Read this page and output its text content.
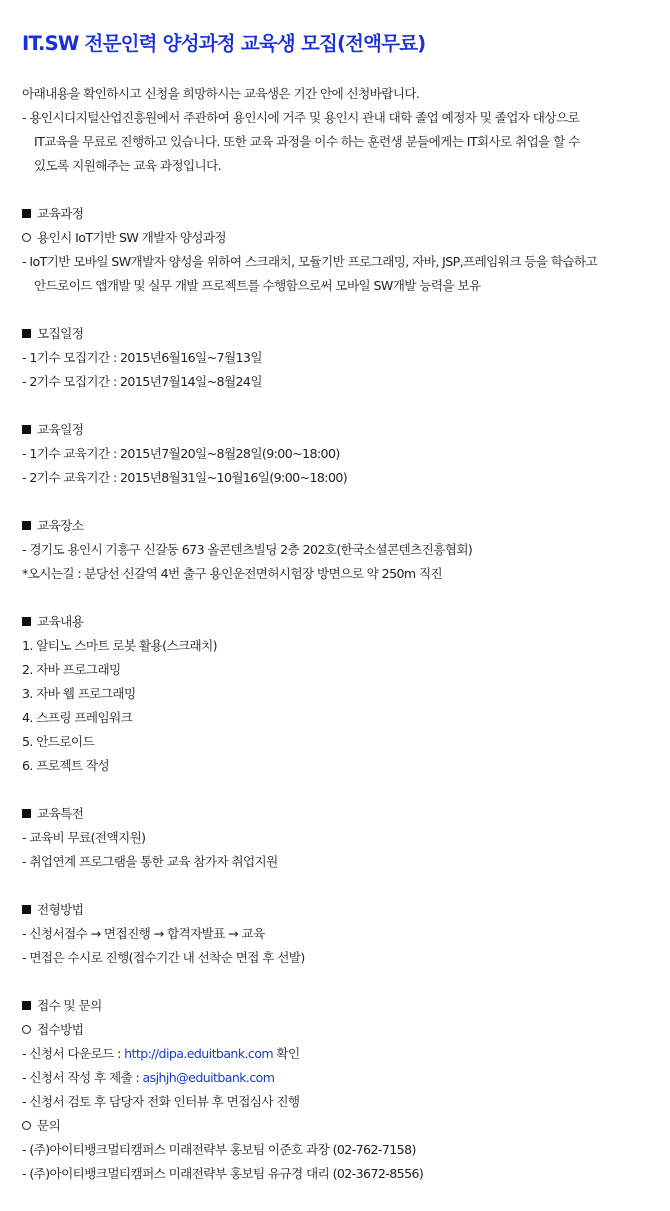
IT.SW 전문인력 양성과정 교육생 모집(전액무료)
아래내용을 확인하시고 신청을 희망하시는 교육생은 기간 안에 신청바랍니다.
- 용인시디지털산업진흥원에서 주관하여 용인시에 거주 및 용인시 관내 대학 졸업 예정자 및 졸업자 대상으로
IT교육을 무료로 진행하고 있습니다. 또한 교육 과정을 이수 하는 훈련생 분들에게는 IT회사로 취업을 할 수
있도록 지원해주는 교육 과정입니다.
교육과정
용인시 IoT기반 SW 개발자 양성과정
- IoT기반 모바일 SW개발자 양성을 위하여 스크래치, 모듈기반 프로그래밍, 자바, JSP,프레임워크 등을 학습하고
안드로이드 앱개발 및 실무 개발 프로젝트를 수행함으로써 모바일 SW개발 능력을 보유
모집일정
- 1기수 모집기간 : 2015년6월16일~7월13일
- 2기수 모집기간 : 2015년7월14일~8월24일
교육일정
- 1기수 교육기간 : 2015년7월20일~8월28일(9:00~18:00)
- 2기수 교육기간 : 2015년8월31일~10월16일(9:00~18:00)
교육장소
- 경기도 용인시 기흥구 신갈동 673 올콘텐츠빌딩 2층 202호(한국소셜콘텐츠진흥협회)
*오시는길 : 분당선 신갈역 4번 출구 용인운전면허시험장 방면으로 약 250m 직진
교육내용
1. 알티노 스마트 로봇 활용(스크래치)
2. 자바 프로그래밍
3. 자바 웹 프로그래밍
4. 스프링 프레임워크
5. 안드로이드
6. 프로젝트 작성
교육특전
- 교육비 무료(전액지원)
- 취업연계 프로그램을 통한 교육 참가자 취업지원
전형방법
- 신청서접수 → 면접진행 → 합격자발표 → 교육
- 면접은 수시로 진행(접수기간 내 선착순 면접 후 선발)
접수 및 문의
접수방법
- 신청서 다운로드 : http://dipa.eduitbank.com 확인
- 신청서 작성 후 제출 : asjhjh@eduitbank.com
- 신청서 검토 후 담당자 전화 인터뷰 후 면접심사 진행
문의
- (주)아이티뱅크멀티캠퍼스 미래전략부 홍보팀 이준호 과장 (02-762-7158)
- (주)아이티뱅크멀티캠퍼스 미래전략부 홍보팀 유규경 대리 (02-3672-8556)
